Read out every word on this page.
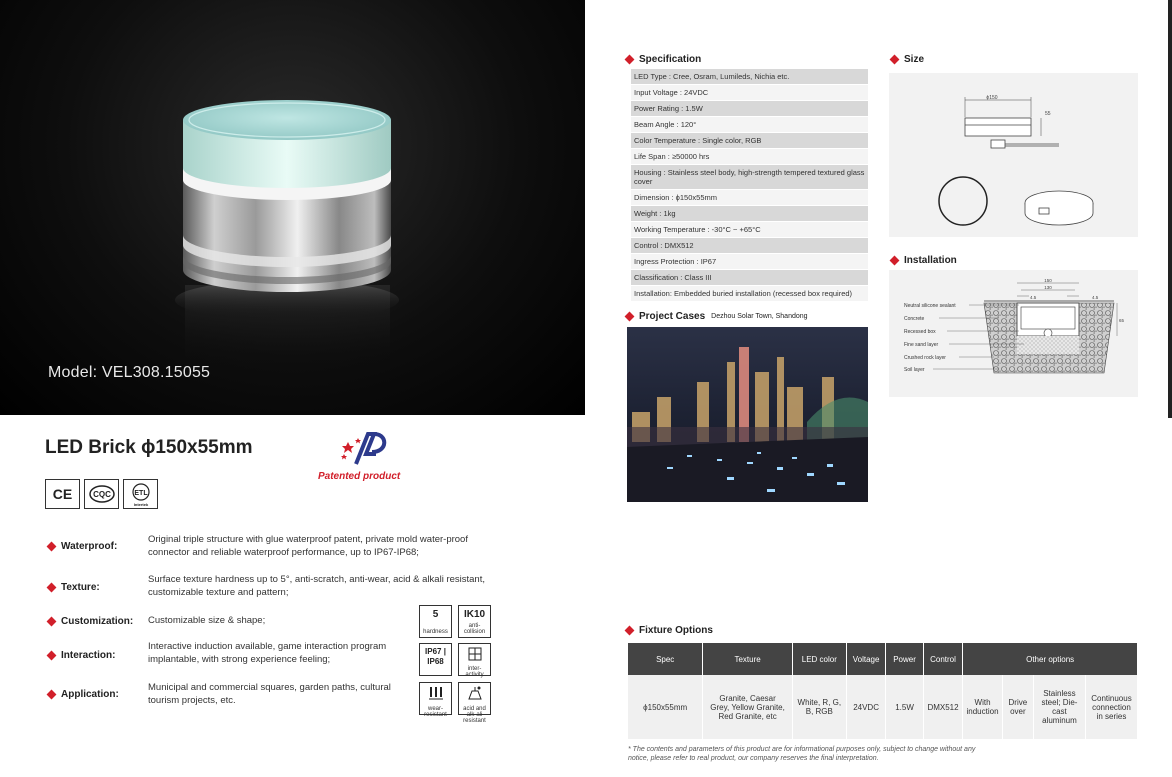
Model: VEL308.15055
LED Brick ϕ150x55mm
Patented product
CE	CQC	ETL
Intertek
Waterproof:
Original triple structure with glue waterproof patent, private mold water-proof connector and reliable waterproof performance, up to IP67-IP68;
Texture:
Surface texture hardness up to 5°, anti-scratch, anti-wear, acid & alkali resistant, customizable texture and pattern;
Customization: Customizable size & shape;
Interaction:
Interactive induction available, game interaction program implantable, with strong experience feeling;
Application:
Municipal and commercial squares, garden paths, cultural tourism projects, etc.
5
hardness
IK10
anti-collision
IP67 | IP68
inter-activity
wear-resistant
acid and alk-ali resistant
Specification
LED Type : Cree, Osram, Lumileds, Nichia etc.
Input Voltage : 24VDC
Power Rating : 1.5W
Beam Angle : 120°
Color Temperature : Single color, RGB
Life Span : ≥50000 hrs
Housing : Stainless steel body, high-strength tempered textured glass cover
Dimension : ϕ150x55mm
Weight : 1kg
Working Temperature : -30°C ~ +65°C
Control : DMX512
Ingress Protection : IP67
Classification : Class III
Installation: Embedded buried installation (recessed box required)
Project Cases Dezhou Solar Town, Shandong
Size
ϕ150
55
Installation
150
130
4.5	4.5
65
Neutral silicone sealant
Concrete
Recessed box
Fine sand layer
Crushed rock layer
Soil layer
Fixture Options
Spec	Texture	LED color	Voltage	Power	Control	Other options			
ϕ150x55mm	Granite, Caesar Grey, Yellow Granite, Red Granite, etc	White, R, G, B, RGB	24VDC	1.5W	DMX512	With induction	Drive over	Stainless steel; Die-cast aluminum	Continuous connection in series
* The contents and parameters of this product are for informational purposes only, subject to change without any notice, please refer to real product, our company reserves the final interpretation.
